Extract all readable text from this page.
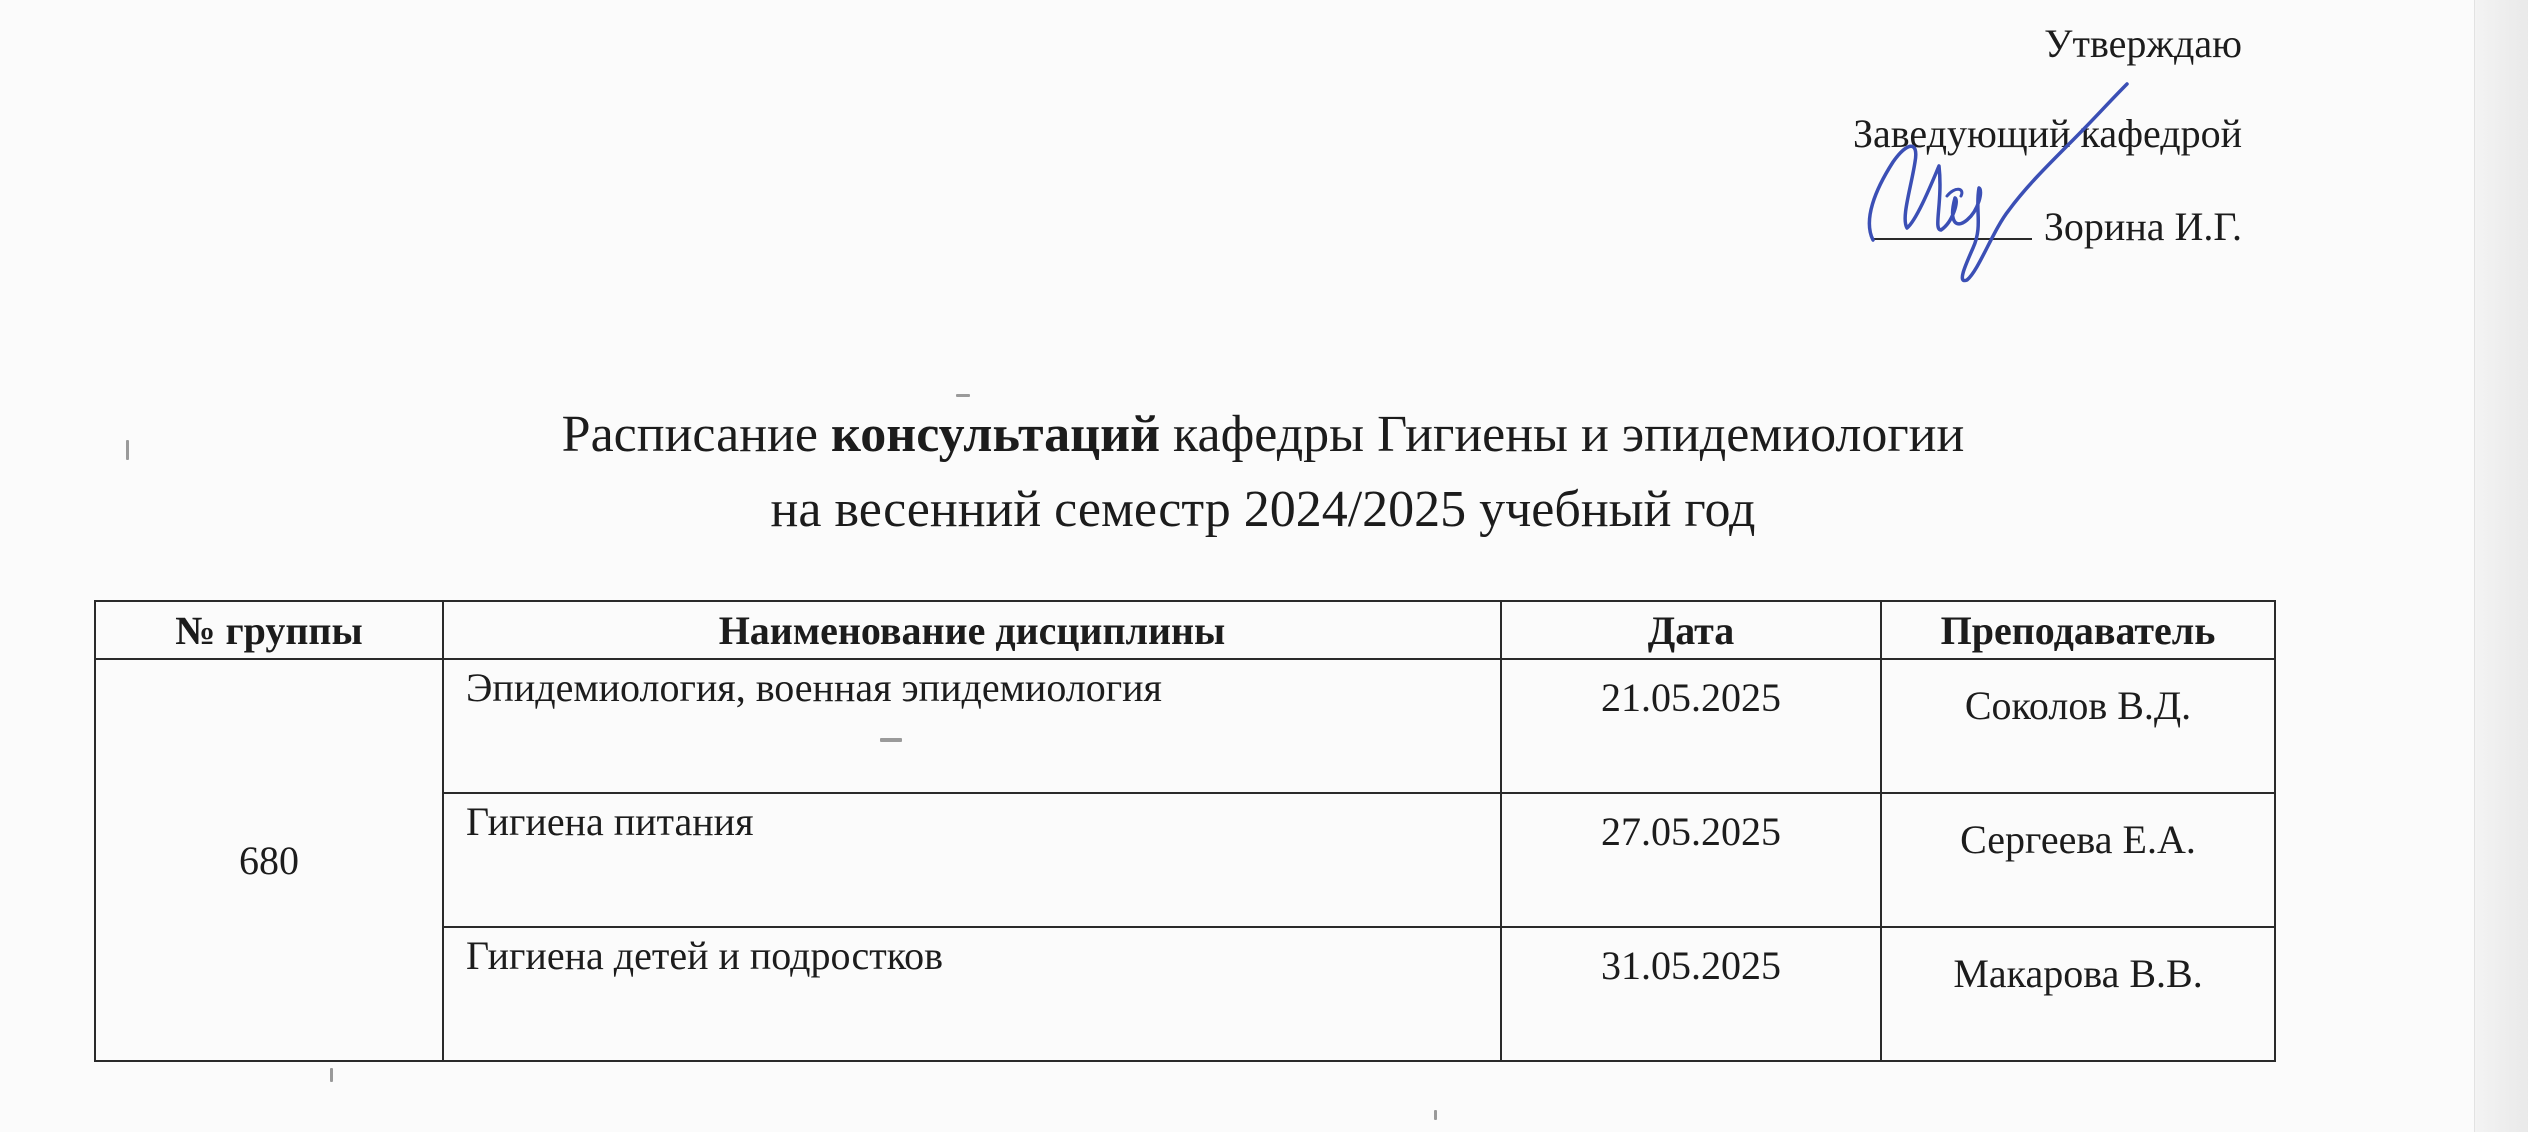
Утверждаю
Заведующий кафедрой
Зорина И.Г.
Расписание консультаций кафедры Гигиены и эпидемиологии
на весенний семестр 2024/2025 учебный год
№ группы	Наименование дисциплины	Дата	Преподаватель
680	Эпидемиология, военная эпидемиология	21.05.2025	Соколов В.Д.
	Гигиена питания	27.05.2025	Сергеева Е.А.
	Гигиена детей и подростков	31.05.2025	Макарова В.В.
